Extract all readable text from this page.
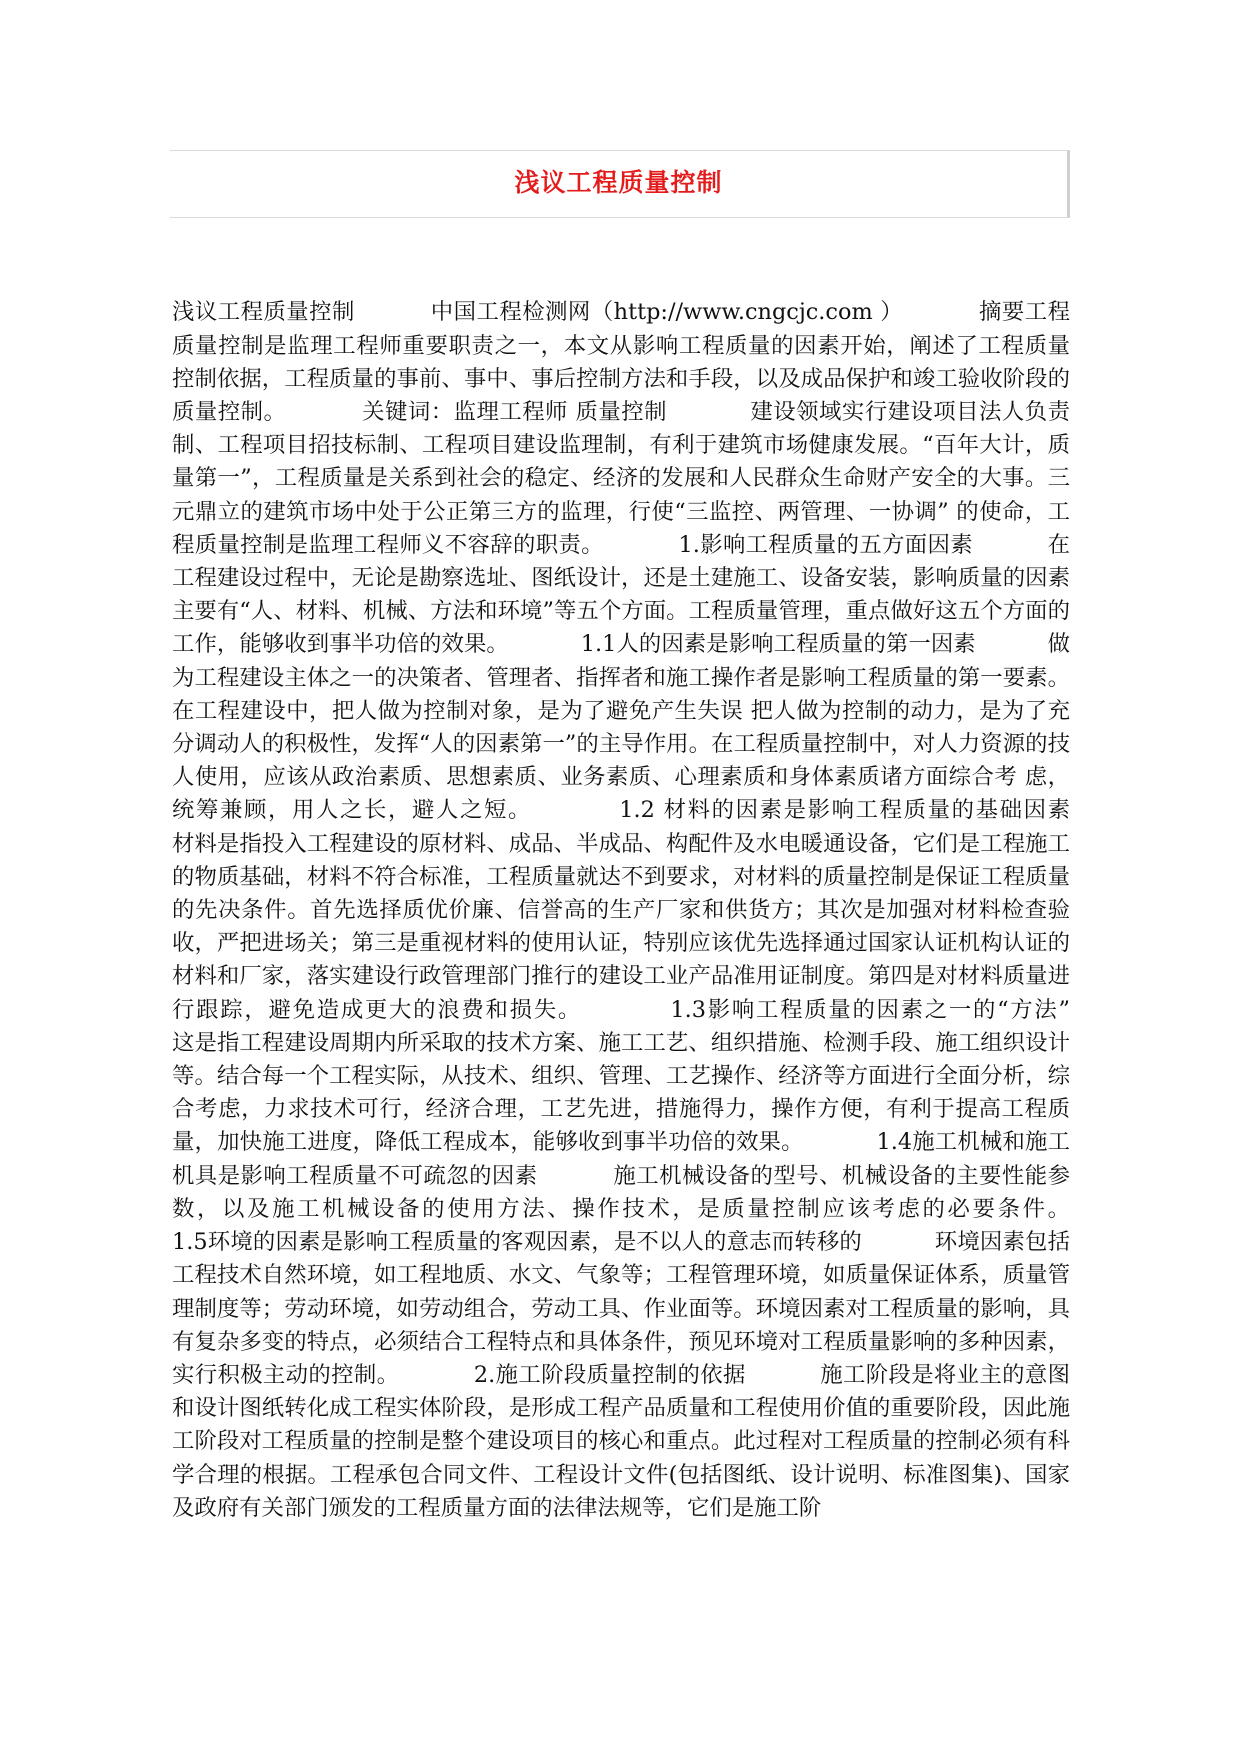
浅议工程质量控制

浅议工程质量控制          中国工程检测网（http://www.cngcjc.com ）          摘要工程质量控制是监理工程师重要职责之一，本文从影响工程质量的因素开始，阐述了工程质量 控制依据，工程质量的事前、事中、事后控制方法和手段，以及成品保护和竣工验收阶段的质量控制。          关键词：监理工程师 质量控制           建设领域实行建设项目法人负责制、工程项目招技标制、工程项目建设监理制，有利于建筑市场健康发展。“百年大计，质量第一”，工程质量是关系到社会的稳定、经济的发展和人民群众生命财产安全的大事。三元鼎立的建筑市场中处于公正第三方的监理，行使“三监控、两管理、一协调” 的使命，工程质量控制是监理工程师义不容辞的职责。          1.影响工程质量的五方面因素          在工程建设过程中，无论是勘察选址、图纸设计，还是土建施工、设备安装，影响质量的因素主要有“人、材料、机械、方法和环境”等五个方面。工程质量管理，重点做好这五个方面的工作，能够收到事半功倍的效果。          1.1人的因素是影响工程质量的第一因素          做为工程建设主体之一的决策者、管理者、指挥者和施工操作者是影响工程质量的第一要素。在工程建设中，把人做为控制对象，是为了避免产生失误 把人做为控制的动力，是为了充分调动人的积极性，发挥“人的因素第一”的主导作用。在工程质量控制中，对人力资源的技人使用，应该从政治素质、思想素质、业务素质、心理素质和身体素质诸方面综合考 虑，统筹兼顾，用人之长，避人之短。          1.2 材料的因素是影响工程质量的基础因素          材料是指投入工程建设的原材料、成品、半成品、构配件及水电暖通设备，它们是工程施工的物质基础，材料不符合标准，工程质量就达不到要求，对材料的质量控制是保证工程质量的先决条件。首先选择质优价廉、信誉高的生产厂家和供货方；其次是加强对材料检查验收，严把进场关；第三是重视材料的使用认证，特别应该优先选择通过国家认证机构认证的材料和厂家，落实建设行政管理部门推行的建设工业产品准用证制度。第四是对材料质量进行跟踪，避免造成更大的浪费和损失。          1.3影响工程质量的因素之一的“方法”          这是指工程建设周期内所采取的技术方案、施工工艺、组织措施、检测手段、施工组织设计等。结合每一个工程实际，从技术、组织、管理、工艺操作、经济等方面进行全面分析，综合考虑，力求技术可行，经济合理，工艺先进，措施得力，操作方便，有利于提高工程质量，加快施工进度，降低工程成本，能够收到事半功倍的效果。          1.4施工机械和施工机具是影响工程质量不可疏忽的因素          施工机械设备的型号、机械设备的主要性能参数，以及施工机械设备的使用方法、操作技术，是质量控制应该考虑的必要条件。          1.5环境的因素是影响工程质量的客观因素，是不以人的意志而转移的          环境因素包括工程技术自然环境，如工程地质、水文、气象等；工程管理环境，如质量保证体系，质量管理制度等；劳动环境，如劳动组合，劳动工具、作业面等。环境因素对工程质量的影响，具有复杂多变的特点，必须结合工程特点和具体条件，预见环境对工程质量影响的多种因素，实行积极主动的控制。          2.施工阶段质量控制的依据          施工阶段是将业主的意图和设计图纸转化成工程实体阶段，是形成工程产品质量和工程使用价值的重要阶段，因此施工阶段对工程质量的控制是整个建设项目的核心和重点。此过程对工程质量的控制必须有科学合理的根据。工程承包合同文件、工程设计文件(包括图纸、设计说明、标准图集)、国家及政府有关部门颁发的工程质量方面的法律法规等，它们是施工阶
